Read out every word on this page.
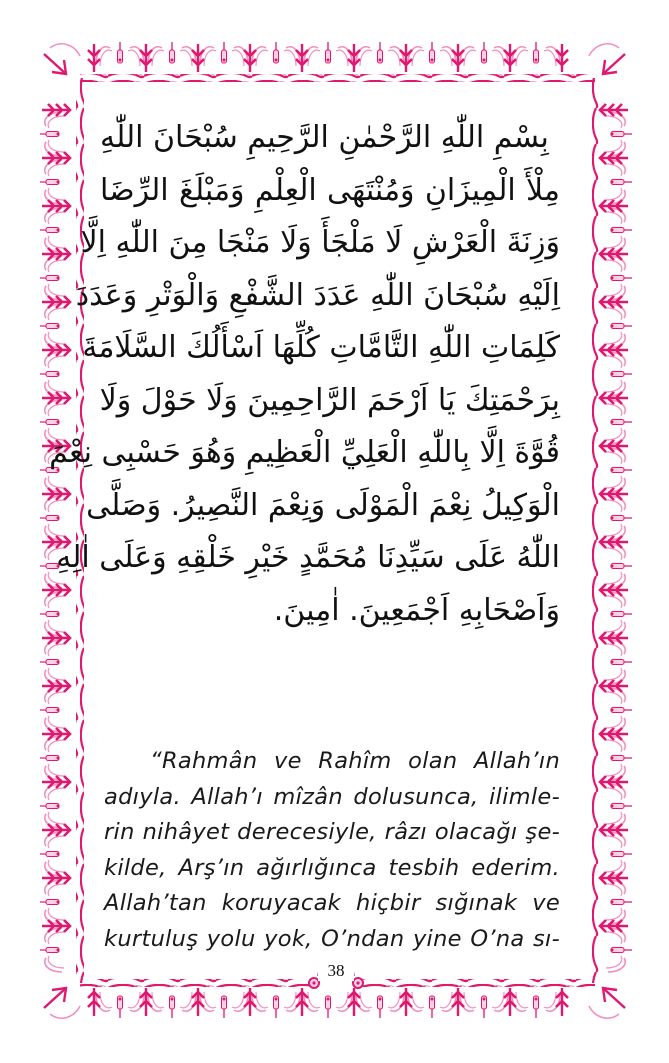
بِسْمِ اللّٰهِ الرَّحْمٰنِ الرَّحِيمِ سُبْحَانَ اللّٰهِ
مِلْأَ الْمِيزَانِ وَمُنْتَهَى الْعِلْمِ وَمَبْلَغَ الرِّضَا
وَزِنَةَ الْعَرْشِ لَا مَلْجَأَ وَلَا مَنْجَا مِنَ اللّٰهِ اِلَّا
اِلَيْهِ سُبْحَانَ اللّٰهِ عَدَدَ الشَّفْعِ وَالْوَتْرِ وَعَدَدَ
كَلِمَاتِ اللّٰهِ التَّامَّاتِ كُلِّهَا اَسْأَلُكَ السَّلَامَةَ
بِرَحْمَتِكَ يَا اَرْحَمَ الرَّاحِمِينَ وَلَا حَوْلَ وَلَا
قُوَّةَ اِلَّا بِاللّٰهِ الْعَلِيِّ الْعَظِيمِ وَهُوَ حَسْبِى نِعْمَ
الْوَكِيلُ نِعْمَ الْمَوْلَى وَنِعْمَ النَّصِيرُ. وَصَلَّى
اللّٰهُ عَلَى سَيِّدِنَا مُحَمَّدٍ خَيْرِ خَلْقِهِ وَعَلَى اٰلِهِ
وَاَصْحَابِهِ اَجْمَعِينَ. اٰمِينَ.
“Rahmân ve Rahîm olan Allah’ın
adıyla. Allah’ı mîzân dolusunca, ilimle-
rin nihâyet derecesiyle, râzı olacağı şe-
kilde, Arş’ın ağırlığınca tesbih ederim.
Allah’tan koruyacak hiçbir sığınak ve
kurtuluş yolu yok, O’ndan yine O’na sı-
38
